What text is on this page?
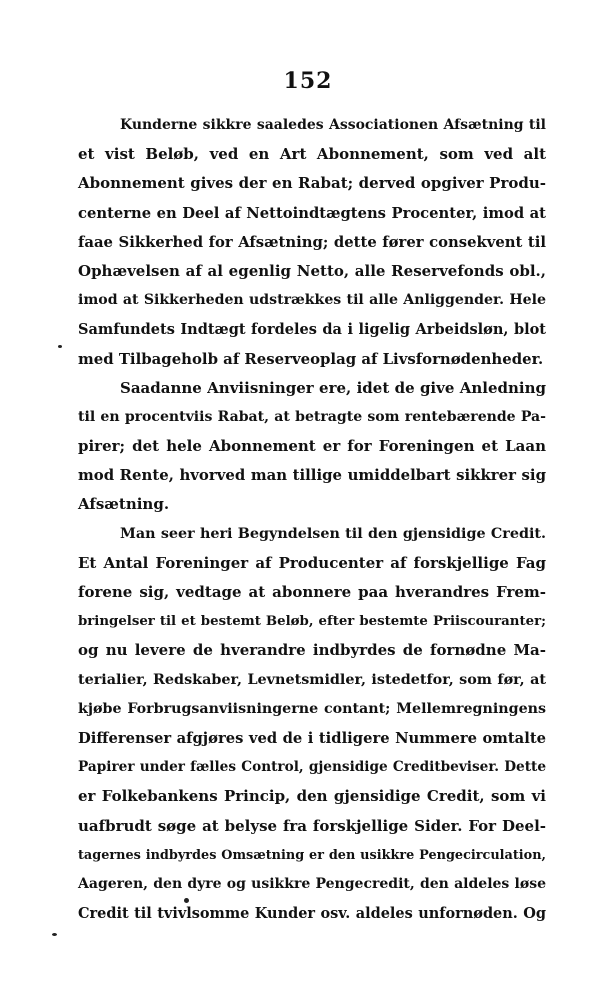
152
Kunderne sikkre saaledes Associationen Afsætning til
et vist Beløb, ved en Art Abonnement, som ved alt
Abonnement gives der en Rabat; derved opgiver Produ-
centerne en Deel af Nettoindtægtens Procenter, imod at
faae Sikkerhed for Afsætning; dette fører consekvent til
Ophævelsen af al egenlig Netto, alle Reservefonds obl.,
imod at Sikkerheden udstrækkes til alle Anliggender. Hele
Samfundets Indtægt fordeles da i ligelig Arbeidsløn, blot
med Tilbageholb af Reserveoplag af Livsfornødenheder.
Saadanne Anviisninger ere, idet de give Anledning
til en procentviis Rabat, at betragte som rentebærende Pa-
pirer; det hele Abonnement er for Foreningen et Laan
mod Rente, hvorved man tillige umiddelbart sikkrer sig
Afsætning.
Man seer heri Begyndelsen til den gjensidige Credit.
Et Antal Foreninger af Producenter af forskjellige Fag
forene sig, vedtage at abonnere paa hverandres Frem-
bringelser til et bestemt Beløb, efter bestemte Priiscouranter;
og nu levere de hverandre indbyrdes de fornødne Ma-
terialier, Redskaber, Levnetsmidler, istedetfor, som før, at
kjøbe Forbrugsanviisningerne contant; Mellemregningens
Differenser afgjøres ved de i tidligere Nummere omtalte
Papirer under fælles Control, gjensidige Creditbeviser. Dette
er Folkebankens Princip, den gjensidige Credit, som vi
uafbrudt søge at belyse fra forskjellige Sider. For Deel-
tagernes indbyrdes Omsætning er den usikkre Pengecirculation,
Aageren, den dyre og usikkre Pengecredit, den aldeles løse
Credit til tvivlsomme Kunder osv. aldeles unfornøden. Og
